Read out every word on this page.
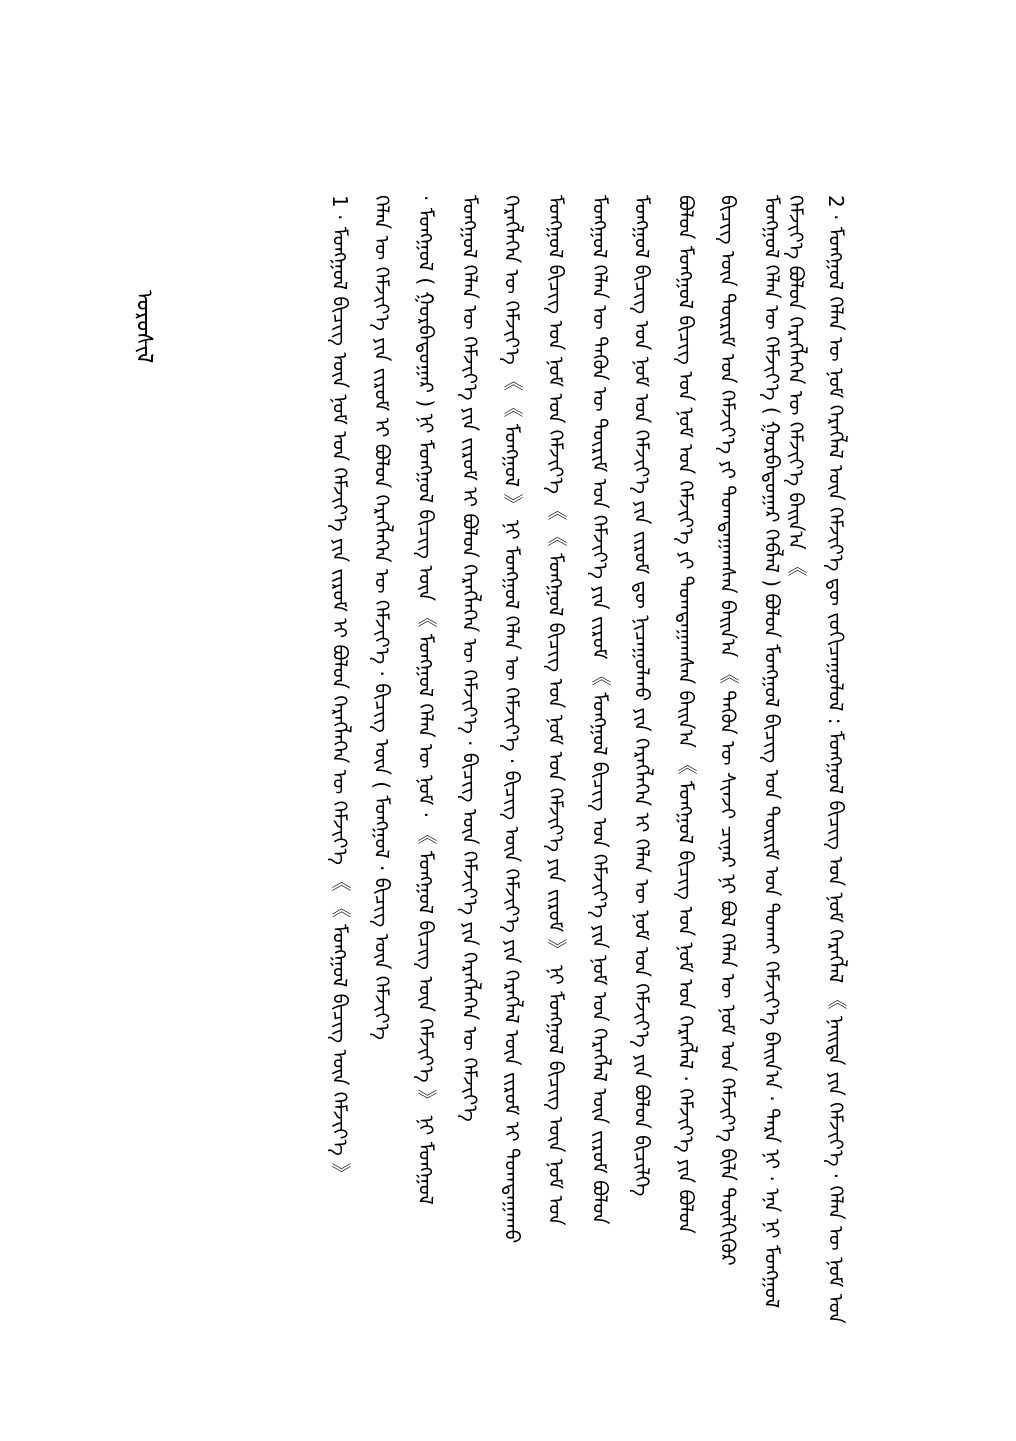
2 · ᠮᠣᠩᠭᠣᠯ ᠬᠡᠯᠡᠨ ᠦ ᠨᠣᠮ ᠬᠡᠷᠡᠭᠯᠡᠯ ᠦᠨ ᠬᠡᠮᠵᠢᠶ᠎ᠡ ᠳᠦ ᠵᠣᠬᠢᠴᠠᠭᠤᠯᠤᠯ : ᠮᠣᠩᠭᠣᠯ ᠪᠢᠴᠢᠭ ᠤᠨ ᠨᠣᠮ ᠬᠡᠷᠡᠭᠯᠡᠯ 《 ᠨᠡᠢᠳᠡ ᠶᠢᠨ ᠬᠡᠮᠵᠢᠶ᠎ᠡ · ᠬᠡᠯᠡᠨ ᠦ ᠨᠣᠮ ᠤᠨ
ᠬᠡᠮᠵᠢᠶ᠎ᠡ ᠪᠣᠯᠤᠨ ᠬᠡᠷᠡᠭᠯᠡᠭᠡᠨ ᠦ ᠬᠡᠮᠵᠢᠶ᠎ᠡ ᠪᠠᠢᠨ᠎ᠠ ︽
ᠮᠣᠩᠭᠣᠯ ᠬᠡᠯᠡᠨ ᠦ ᠬᠡᠮᠵᠢᠶ᠎ᠡ ( ᠭᠤᠷᠪᠠᠳᠤᠭᠠᠷ ᠬᠡᠪᠯᠡᠯ ) ᠪᠣᠯᠤᠨ ᠮᠣᠩᠭᠣᠯ ᠪᠢᠴᠢᠭ ᠤᠨ ᠳᠦᠷᠢᠮ ᠤᠨ ᠲᠤᠬᠠᠢ ᠬᠡᠮᠵᠢᠶ᠎ᠡ ᠪᠠᠢᠨ᠎ᠠ · ᠲᠡᠷᠡ ᠨᠢ · ᠡᠨᠡ ᠨᠢ ᠮᠣᠩᠭᠣᠯ
ᠪᠢᠴᠢᠭ ᠦᠨ ᠳᠦᠷᠢᠮ ᠤᠨ ᠬᠡᠮᠵᠢᠶ᠎ᠡ ᠶᠢ ᠲᠣᠭᠲᠠᠭᠠᠭᠰᠠᠨ ᠪᠠᠢᠨ᠎ᠠ ︽ ᠲᠡᠭᠦᠨ ᠦ ᠰᠢᠨᠵᠢ ᠴᠢᠨᠠᠷ ᠨᠢ ᠪᠣᠯ ᠬᠡᠯᠡᠨ ᠦ ᠨᠣᠮ ᠤᠨ ᠬᠡᠮᠵᠢᠶ᠎ᠡ ᠪᠢᠯᠡ ᠲᠦᠯᠬᠢᠭᠦᠷ
ᠪᠣᠯᠤᠨ ᠮᠣᠩᠭᠣᠯ ᠪᠢᠴᠢᠭ ᠤᠨ ᠨᠣᠮ ᠤᠨ ᠬᠡᠮᠵᠢᠶ᠎ᠡ ᠶᠢ ᠲᠣᠭᠲᠠᠭᠠᠭᠰᠠᠨ ᠪᠠᠢᠨ᠎ᠠ ︽ ᠮᠣᠩᠭᠣᠯ ᠪᠢᠴᠢᠭ ᠤᠨ ᠨᠣᠮ ᠤᠨ ᠬᠡᠷᠡᠭᠯᠡᠯ · ᠬᠡᠮᠵᠢᠶ᠎ᠡ ᠶᠢᠨ ᠪᠣᠯᠤᠨ
ᠮᠣᠩᠭᠣᠯ ᠪᠢᠴᠢᠭ ᠤᠨ ᠨᠣᠮ ᠤᠨ ᠬᠡᠮᠵᠢᠶ᠎ᠡ ᠶᠢᠨ ᠵᠢᠷᠤᠮ ᠳᠦ ᠨᠢᠴᠠᠭᠤᠯᠬᠤ ᠶᠢᠨ ᠬᠡᠷᠡᠭᠯᠡᠭᠡᠨ ᠢ ᠬᠡᠯᠡᠨ ᠦ ᠨᠣᠮ ᠤᠨ ᠬᠡᠮᠵᠢᠶ᠎ᠡ ᠶᠢᠨ ᠪᠣᠯᠤᠨ ᠪᠢᠴᠢᠯᠭᠡ
ᠮᠣᠩᠭᠣᠯ ᠬᠡᠯᠡᠨ ᠦ ᠲᠡᠭᠦᠨ ᠦ ᠳᠦᠷᠢᠮ ᠤᠨ ᠬᠡᠮᠵᠢᠶ᠎ᠡ ᠶᠢᠨ ᠵᠢᠷᠤᠮ ︽ ᠮᠣᠩᠭᠣᠯ ᠪᠢᠴᠢᠭ ᠤᠨ ᠬᠡᠮᠵᠢᠶ᠎ᠡ ᠶᠢᠨ ᠨᠣᠮ ᠤᠨ ᠬᠡᠷᠡᠭᠯᠡᠯ ᠦᠨ ᠵᠢᠷᠤᠮ ᠪᠣᠯᠤᠨ
ᠮᠣᠩᠭᠣᠯ ᠪᠢᠴᠢᠭ ᠤᠨ ᠨᠣᠮ ᠤᠨ ᠬᠡᠮᠵᠢᠶ᠎ᠡ ︽ 《 ᠮᠣᠩᠭᠣᠯ ᠪᠢᠴᠢᠭ ᠤᠨ ᠨᠣᠮ ᠤᠨ ᠬᠡᠮᠵᠢᠶ᠎ᠡ ᠶᠢᠨ ᠵᠢᠷᠤᠮ 》 ᠨᠢ ᠮᠣᠩᠭᠣᠯ ᠪᠢᠴᠢᠭ ᠦᠨ ᠨᠣᠮ ᠤᠨ
ᠬᠡᠷᠡᠭᠯᠡᠭᠡᠨ ᠦ ᠬᠡᠮᠵᠢᠶ᠎ᠡ ︽ 《 ᠮᠣᠩᠭᠣᠯ 》 ᠨᠢ ᠮᠣᠩᠭᠣᠯ ᠬᠡᠯᠡᠨ ᠦ ᠬᠡᠮᠵᠢᠶ᠎ᠡ · ᠪᠢᠴᠢᠭ ᠦᠨ ᠬᠡᠮᠵᠢᠶ᠎ᠡ ᠶᠢᠨ ᠬᠡᠷᠡᠭᠯᠡᠯ ᠦᠨ ᠵᠢᠷᠤᠮ ᠢ ᠲᠣᠭᠲᠠᠭᠠᠬᠤ
ᠮᠣᠩᠭᠣᠯ ᠬᠡᠯᠡᠨ ᠦ ᠬᠡᠮᠵᠢᠶ᠎ᠡ ᠶᠢᠨ ᠵᠢᠷᠤᠮ ᠢ ᠪᠣᠯᠤᠨ ᠬᠡᠷᠡᠭᠯᠡᠭᠡᠨ ᠦ ᠬᠡᠮᠵᠢᠶ᠎ᠡ · ᠪᠢᠴᠢᠭ ᠦᠨ ᠬᠡᠮᠵᠢᠶ᠎ᠡ ᠶᠢᠨ ᠬᠡᠷᠡᠭᠯᠡᠭᠡᠨ ᠦ ᠬᠡᠮᠵᠢᠶ᠎ᠡ
· ᠮᠣᠩᠭᠣᠯ ( ᠭᠤᠷᠪᠠᠳᠤᠭᠠᠷ ) ᠨᠢ ᠮᠣᠩᠭᠣᠯ ᠪᠢᠴᠢᠭ ᠦᠨ ︽ ᠮᠣᠩᠭᠣᠯ ᠬᠡᠯᠡᠨ ᠦ ᠨᠣᠮ · 《 ᠮᠣᠩᠭᠣᠯ ᠪᠢᠴᠢᠭ ᠦᠨ ᠬᠡᠮᠵᠢᠶ᠎ᠡ 》 ᠨᠢ ᠮᠣᠩᠭᠣᠯ
ᠬᠡᠯᠡᠨ ᠦ ᠬᠡᠮᠵᠢᠶ᠎ᠡ ᠶᠢᠨ ᠵᠢᠷᠤᠮ ᠢ ᠪᠣᠯᠤᠨ ᠬᠡᠷᠡᠭᠯᠡᠭᠡᠨ ᠦ ᠬᠡᠮᠵᠢᠶ᠎ᠡ · ᠪᠢᠴᠢᠭ ᠦᠨ ( ᠮᠣᠩᠭᠣᠯ · ᠪᠢᠴᠢᠭ ᠦᠨ ᠬᠡᠮᠵᠢᠶ᠎ᠡ
1 · ᠮᠣᠩᠭᠣᠯ ᠪᠢᠴᠢᠭ ᠦᠨ ᠨᠣᠮ ᠤᠨ ᠬᠡᠮᠵᠢᠶ᠎ᠡ ᠶᠢᠨ ᠵᠢᠷᠤᠮ ᠢ ᠪᠣᠯᠤᠨ ᠬᠡᠷᠡᠭᠯᠡᠭᠡᠨ ᠦ ᠬᠡᠮᠵᠢᠶ᠎ᠡ ︽ 《 ᠮᠣᠩᠭᠣᠯ ᠪᠢᠴᠢᠭ ᠦᠨ ᠬᠡᠮᠵᠢᠶ᠎ᠡ 》
ᠣᠷᠣᠰᠢᠯ
